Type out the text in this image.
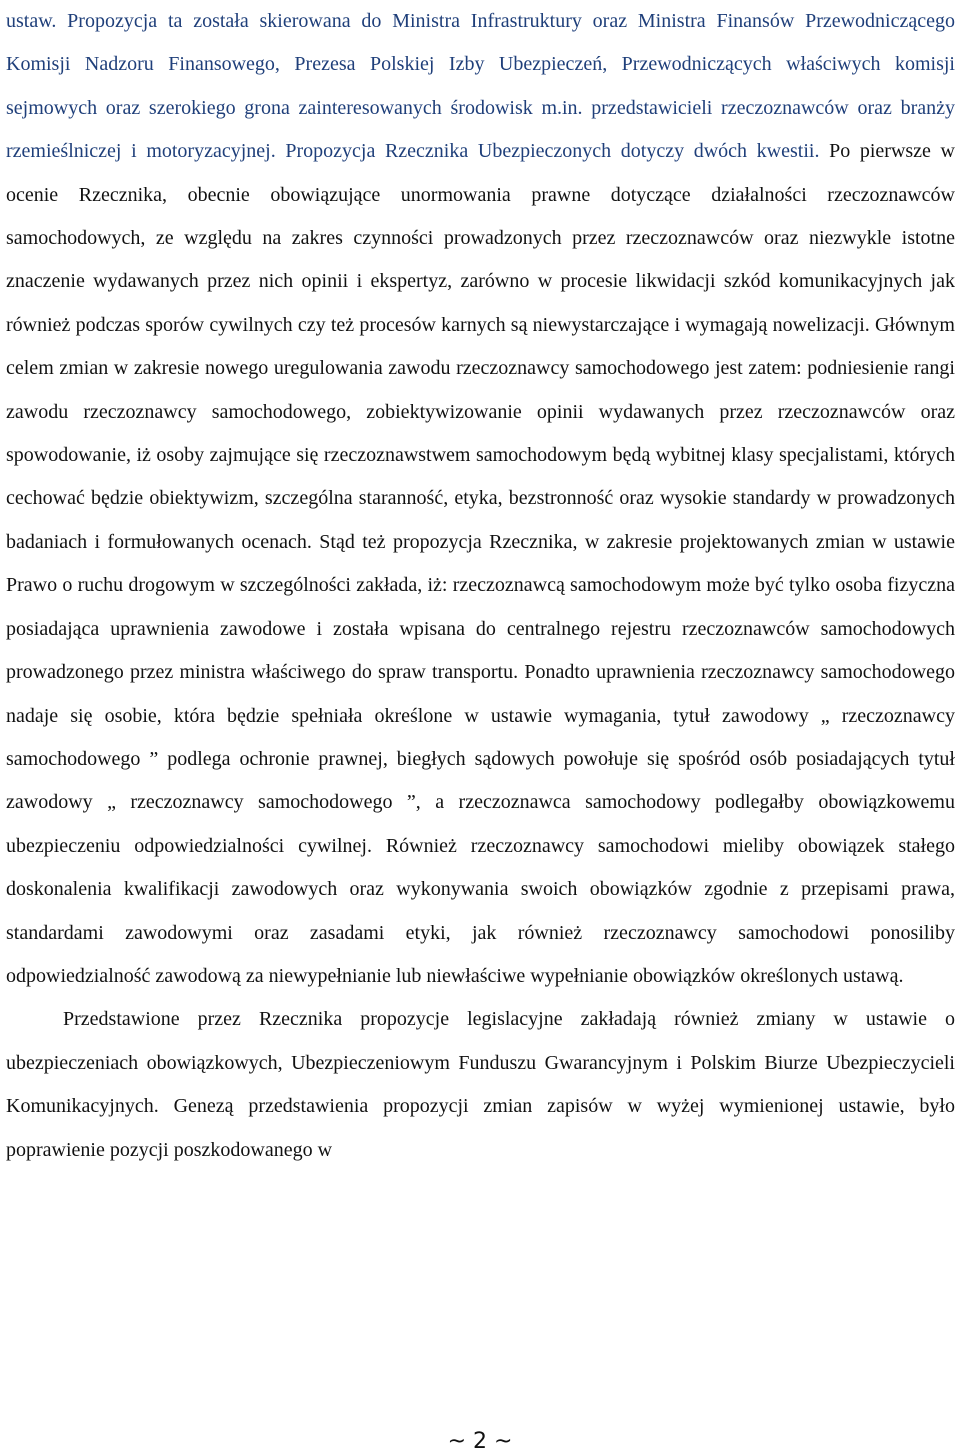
ustaw. Propozycja ta została skierowana do Ministra Infrastruktury oraz Ministra Finansów Przewodniczącego Komisji Nadzoru Finansowego, Prezesa Polskiej Izby Ubezpieczeń, Przewodniczących właściwych komisji sejmowych oraz szerokiego grona zainteresowanych środowisk m.in. przedstawicieli rzeczoznawców oraz branży rzemieślniczej i motoryzacyjnej. Propozycja Rzecznika Ubezpieczonych dotyczy dwóch kwestii. Po pierwsze w ocenie Rzecznika, obecnie obowiązujące unormowania prawne dotyczące działalności rzeczoznawców samochodowych, ze względu na zakres czynności prowadzonych przez rzeczoznawców oraz niezwykle istotne znaczenie wydawanych przez nich opinii i ekspertyz, zarówno w procesie likwidacji szkód komunikacyjnych jak również podczas sporów cywilnych czy też procesów karnych są niewystarczające i wymagają nowelizacji. Głównym celem zmian w zakresie nowego uregulowania zawodu rzeczoznawcy samochodowego jest zatem: podniesienie rangi zawodu rzeczoznawcy samochodowego, zobiektywizowanie opinii wydawanych przez rzeczoznawców oraz spowodowanie, iż osoby zajmujące się rzeczoznawstwem samochodowym będą wybitnej klasy specjalistami, których cechować będzie obiektywizm, szczególna staranność, etyka, bezstronność oraz wysokie standardy w prowadzonych badaniach i formułowanych ocenach. Stąd też propozycja Rzecznika, w zakresie projektowanych zmian w ustawie Prawo o ruchu drogowym w szczególności zakłada, iż: rzeczoznawcą samochodowym może być tylko osoba fizyczna posiadająca uprawnienia zawodowe i została wpisana do centralnego rejestru rzeczoznawców samochodowych prowadzonego przez ministra właściwego do spraw transportu. Ponadto uprawnienia rzeczoznawcy samochodowego nadaje się osobie, która będzie spełniała określone w ustawie wymagania, tytuł zawodowy „ rzeczoznawcy samochodowego ” podlega ochronie prawnej, biegłych sądowych powołuje się spośród osób posiadających tytuł zawodowy „ rzeczoznawcy samochodowego ”, a rzeczoznawca samochodowy podlegałby obowiązkowemu ubezpieczeniu odpowiedzialności cywilnej. Również rzeczoznawcy samochodowi mieliby obowiązek stałego doskonalenia kwalifikacji zawodowych oraz wykonywania swoich obowiązków zgodnie z przepisami prawa, standardami zawodowymi oraz zasadami etyki, jak również rzeczoznawcy samochodowi ponosiliby odpowiedzialność zawodową za niewypełnianie lub niewłaściwe wypełnianie obowiązków określonych ustawą.

Przedstawione przez Rzecznika propozycje legislacyjne zakładają również zmiany w ustawie o ubezpieczeniach obowiązkowych, Ubezpieczeniowym Funduszu Gwarancyjnym i Polskim Biurze Ubezpieczycieli Komunikacyjnych. Genezą przedstawienia propozycji zmian zapisów w wyżej wymienionej ustawie, było poprawienie pozycji poszkodowanego w

~ 2 ~
